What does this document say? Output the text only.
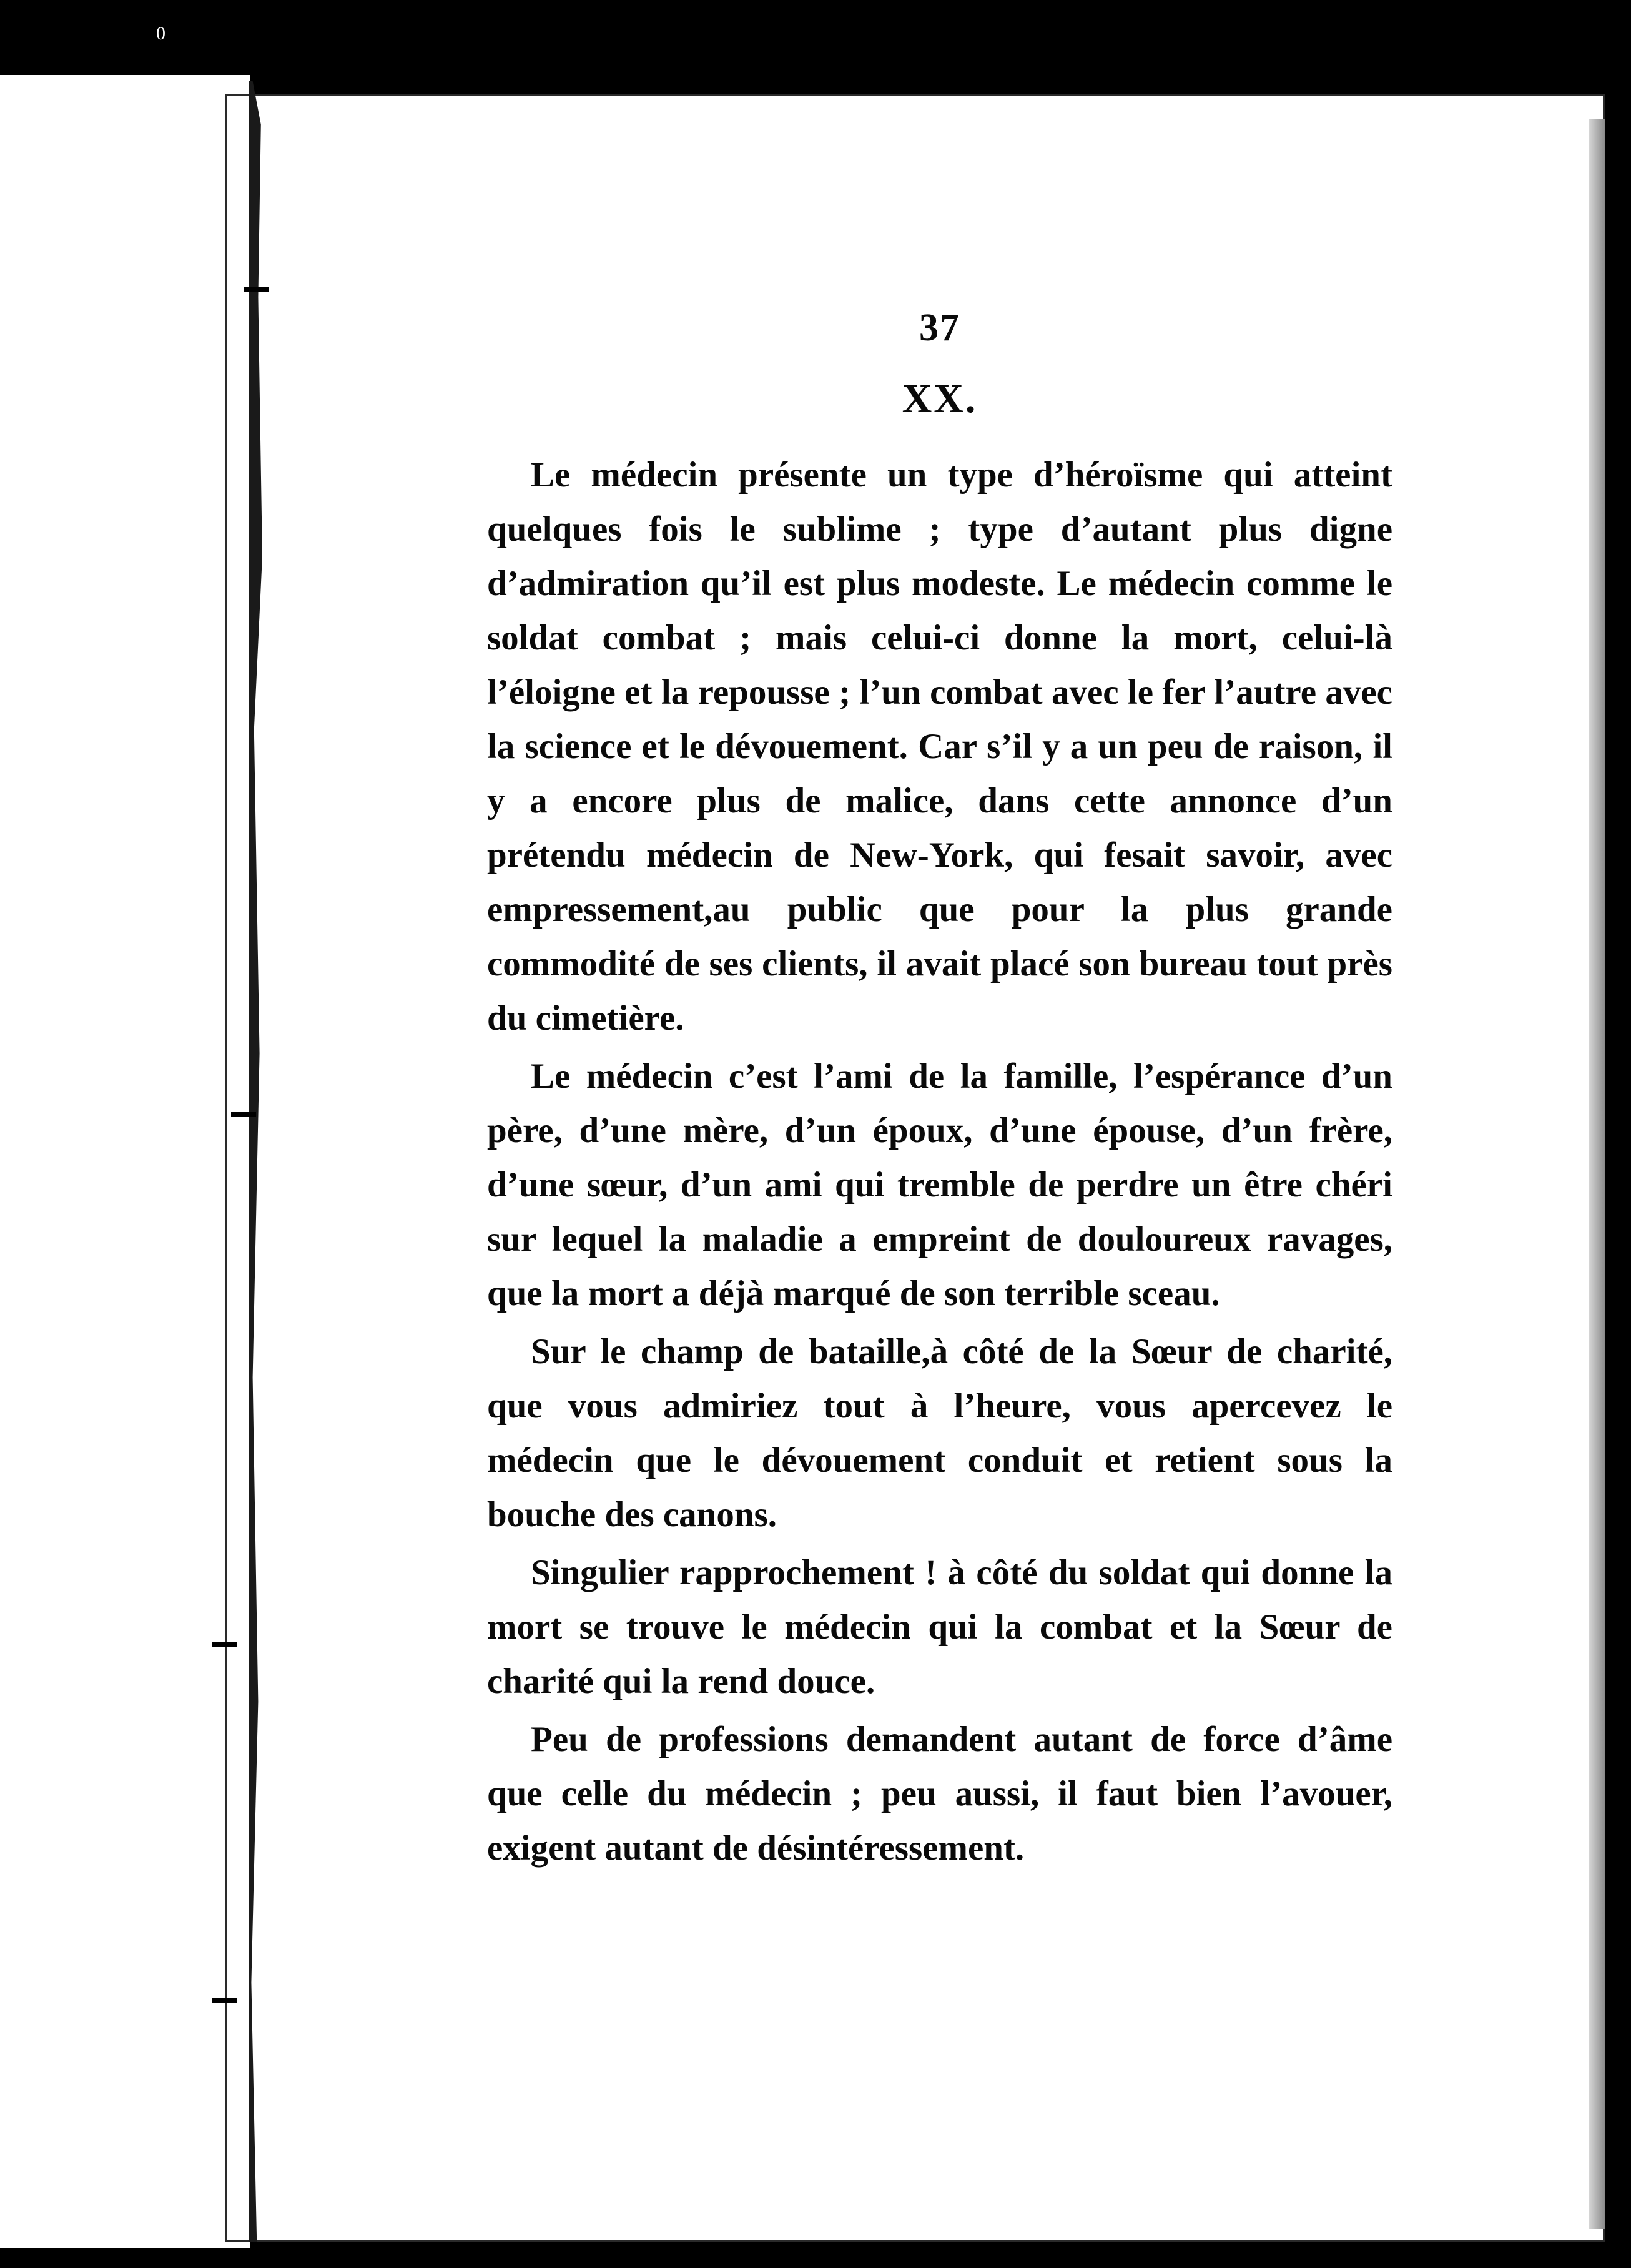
0
37
XX.

Le médecin présente un type d’héroïsme qui atteint quelques fois le sublime ; type d’autant plus digne d’admiration qu’il est plus modeste. Le médecin comme le soldat combat ; mais celui-ci donne la mort, celui-là l’éloigne et la repousse ; l’un combat avec le fer l’autre avec la science et le dévouement. Car s’il y a un peu de raison, il y a encore plus de malice, dans cette annonce d’un prétendu médecin de New-York, qui fesait savoir, avec empressement,au public que pour la plus grande commodité de ses clients, il avait placé son bureau tout près du cimetière.

Le médecin c’est l’ami de la famille, l’espérance d’un père, d’une mère, d’un époux, d’une épouse, d’un frère, d’une sœur, d’un ami qui tremble de perdre un être chéri sur lequel la maladie a empreint de douloureux ravages, que la mort a déjà marqué de son terrible sceau.

Sur le champ de bataille,à côté de la Sœur de charité, que vous admiriez tout à l’heure, vous apercevez le médecin que le dévouement conduit et retient sous la bouche des canons.

Singulier rapprochement ! à côté du soldat qui donne la mort se trouve le médecin qui la combat et la Sœur de charité qui la rend douce.

Peu de professions demandent autant de force d’âme que celle du médecin ; peu aussi, il faut bien l’avouer, exigent autant de désintéressement.
